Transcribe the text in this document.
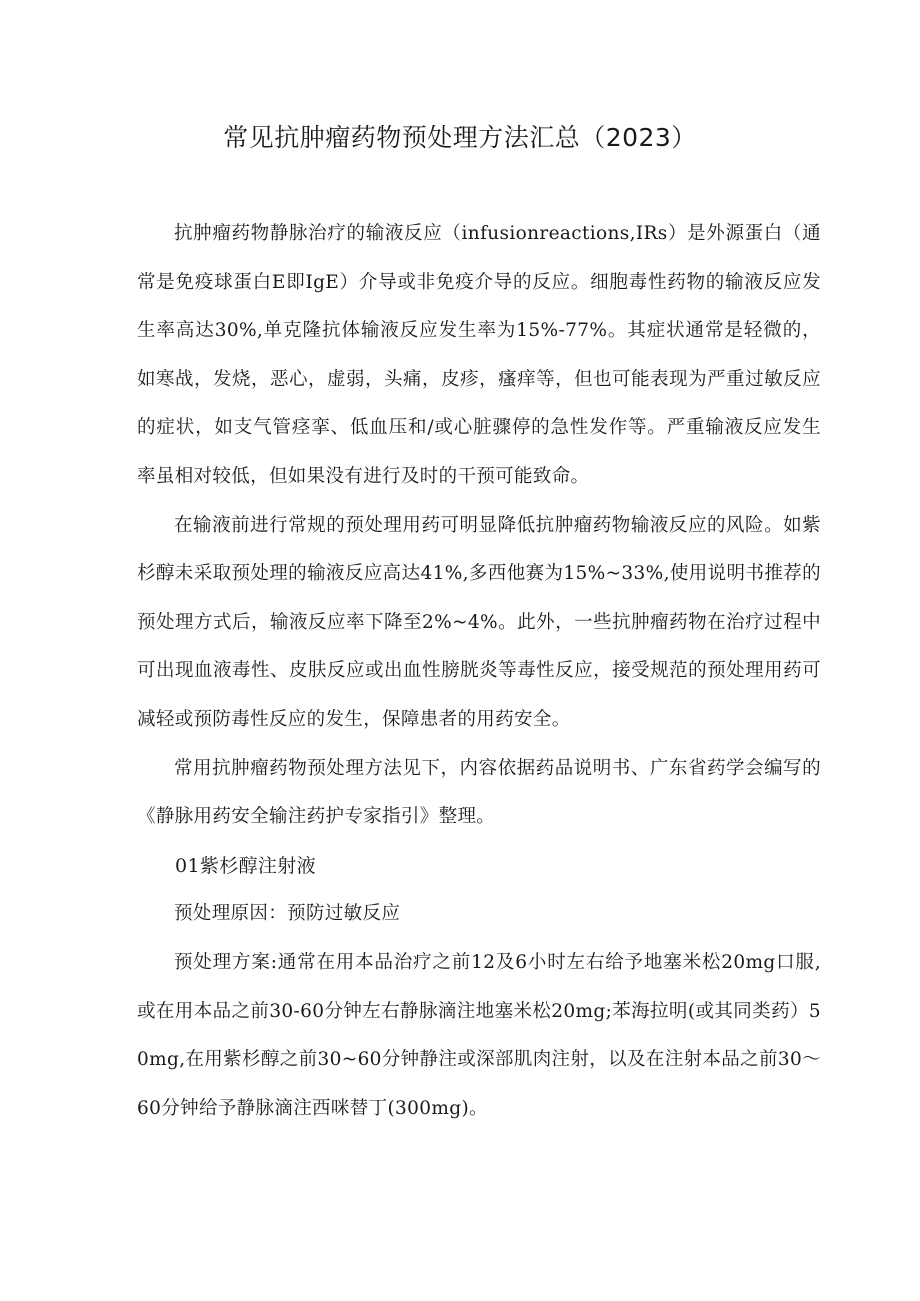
常见抗肿瘤药物预处理方法汇总（2023）

抗肿瘤药物静脉治疗的输液反应（infusionreactions,IRs）是外源蛋白（通常是免疫球蛋白E即IgE）介导或非免疫介导的反应。细胞毒性药物的输液反应发生率高达30%,单克隆抗体输液反应发生率为15%-77%。其症状通常是轻微的，如寒战，发烧，恶心，虚弱，头痛，皮疹，瘙痒等，但也可能表现为严重过敏反应的症状，如支气管痉挛、低血压和/或心脏骤停的急性发作等。严重输液反应发生率虽相对较低，但如果没有进行及时的干预可能致命。

在输液前进行常规的预处理用药可明显降低抗肿瘤药物输液反应的风险。如紫杉醇未采取预处理的输液反应高达41%,多西他赛为15%~33%,使用说明书推荐的预处理方式后，输液反应率下降至2%~4%。此外，一些抗肿瘤药物在治疗过程中可出现血液毒性、皮肤反应或出血性膀胱炎等毒性反应，接受规范的预处理用药可减轻或预防毒性反应的发生，保障患者的用药安全。

常用抗肿瘤药物预处理方法见下，内容依据药品说明书、广东省药学会编写的《静脉用药安全输注药护专家指引》整理。

01紫杉醇注射液

预处理原因：预防过敏反应

预处理方案:通常在用本品治疗之前12及6小时左右给予地塞米松20mg口服,或在用本品之前30-60分钟左右静脉滴注地塞米松20mg;苯海拉明(或其同类药）50mg,在用紫杉醇之前30~60分钟静注或深部肌肉注射，以及在注射本品之前30～60分钟给予静脉滴注西咪替丁(300mg)。
